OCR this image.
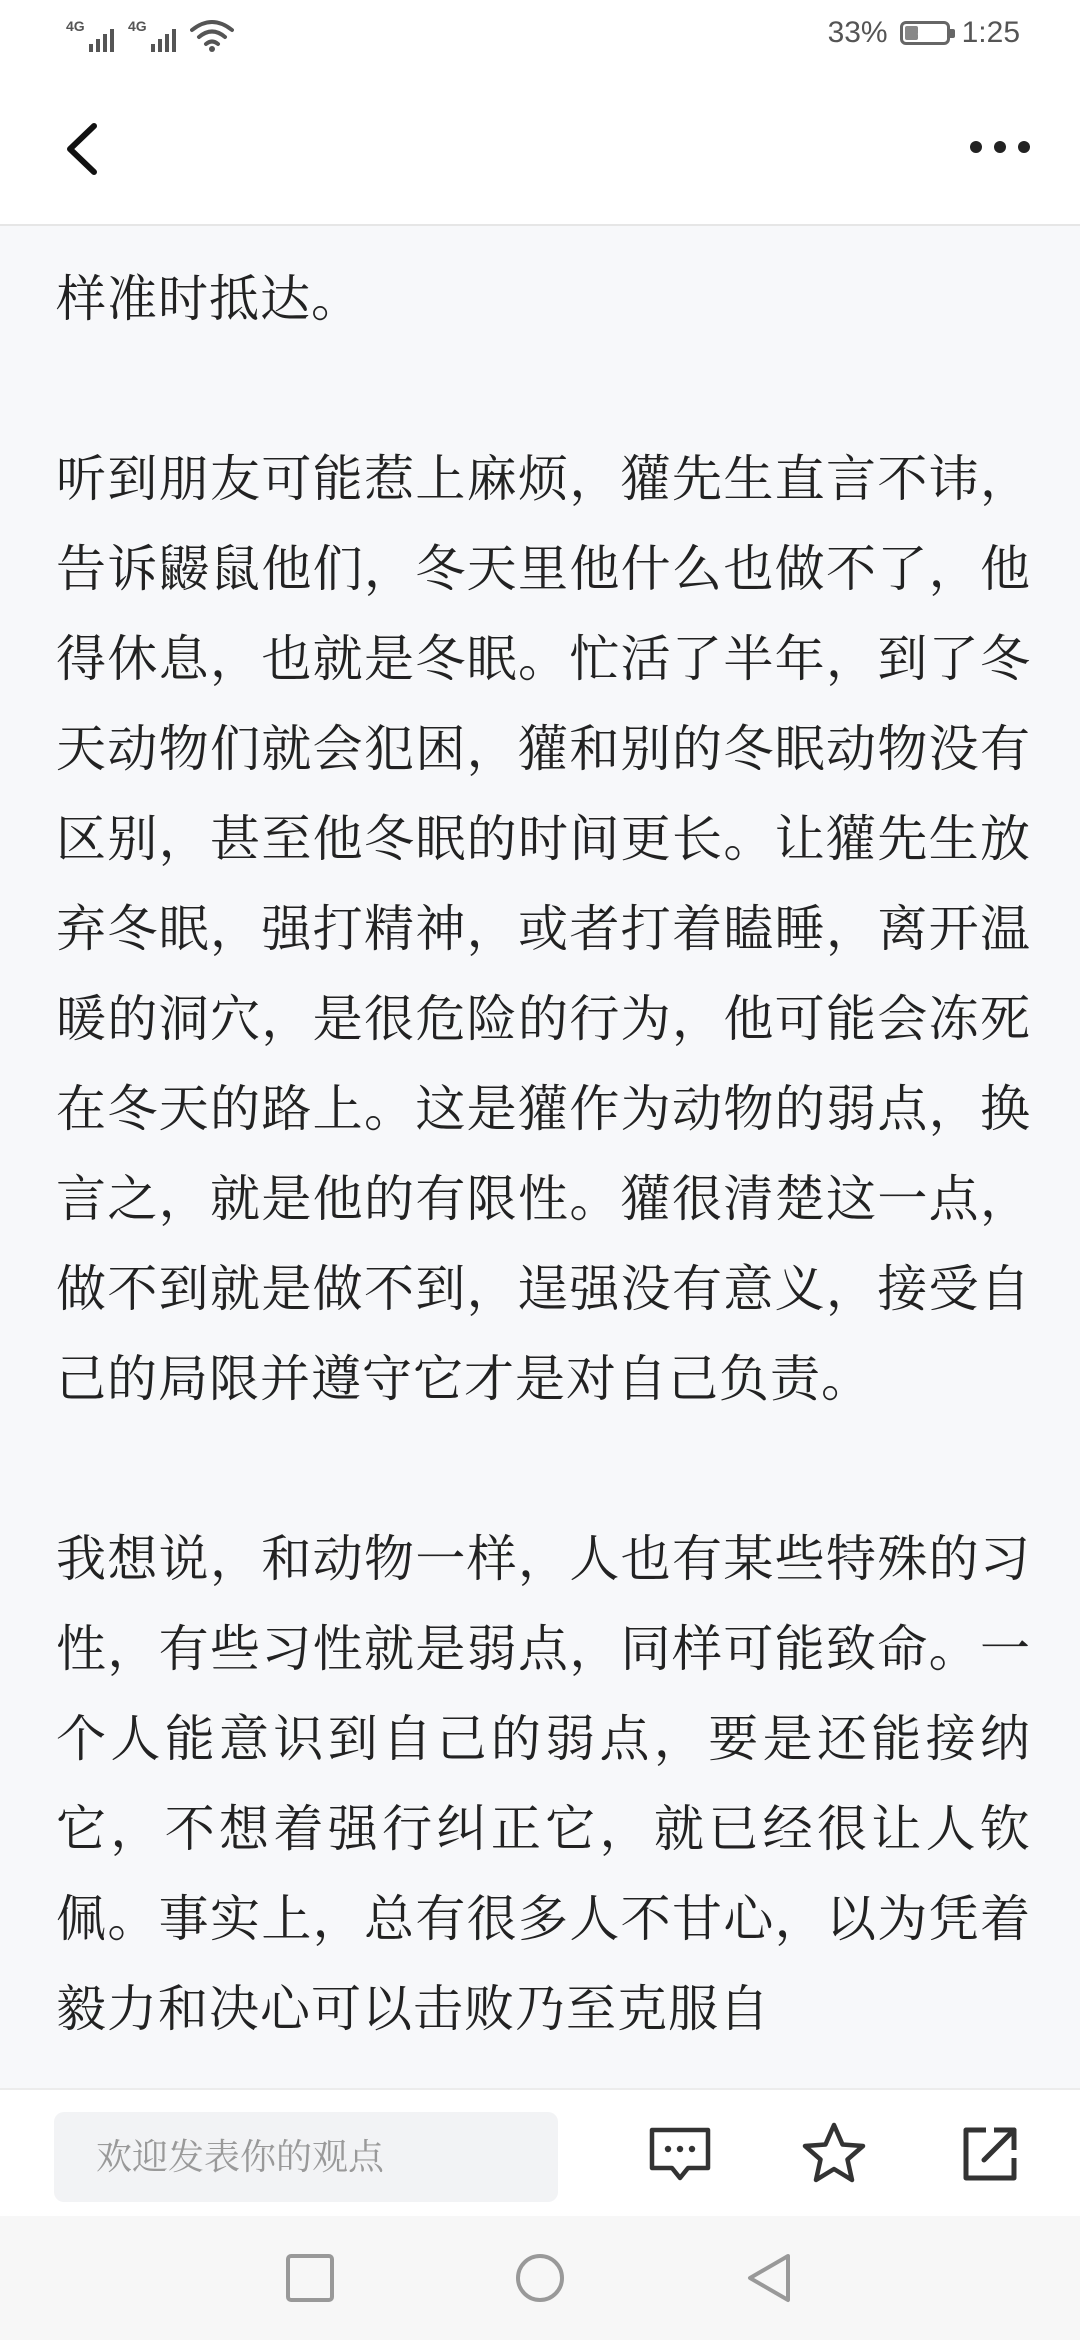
4G	4G	33% ❧ 1:25

样准时抵达。

听到朋友可能惹上麻烦，獾先生直言不讳，告诉鼹鼠他们，冬天里他什么也做不了，他得休息，也就是冬眠。忙活了半年，到了冬天动物们就会犯困，獾和别的冬眠动物没有区别，甚至他冬眠的时间更长。让獾先生放弃冬眠，强打精神，或者打着瞌睡，离开温暖的洞穴，是很危险的行为，他可能会冻死在冬天的路上。这是獾作为动物的弱点，换言之，就是他的有限性。獾很清楚这一点，做不到就是做不到，逞强没有意义，接受自己的局限并遵守它才是对自己负责。

我想说，和动物一样，人也有某些特殊的习性，有些习性就是弱点，同样可能致命。一个人能意识到自己的弱点，要是还能接纳它，不想着强行纠正它，就已经很让人钦佩。事实上，总有很多人不甘心，以为凭着毅力和决心可以击败乃至克服自

欢迎发表你的观点
